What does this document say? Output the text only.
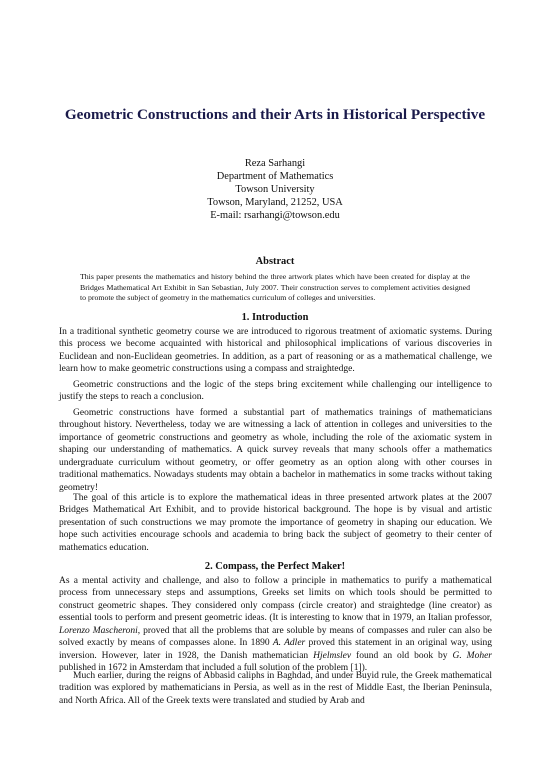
Geometric Constructions and their Arts in Historical Perspective
Reza Sarhangi
Department of Mathematics
Towson University
Towson, Maryland, 21252, USA
E-mail: rsarhangi@towson.edu
Abstract
This paper presents the mathematics and history behind the three artwork plates which have been created for display at the Bridges Mathematical Art Exhibit in San Sebastian, July 2007. Their construction serves to complement activities designed to promote the subject of geometry in the mathematics curriculum of colleges and universities.
1. Introduction
In a traditional synthetic geometry course we are introduced to rigorous treatment of axiomatic systems. During this process we become acquainted with historical and philosophical implications of various discoveries in Euclidean and non-Euclidean geometries. In addition, as a part of reasoning or as a mathematical challenge, we learn how to make geometric constructions using a compass and straightedge.
Geometric constructions and the logic of the steps bring excitement while challenging our intelligence to justify the steps to reach a conclusion.
Geometric constructions have formed a substantial part of mathematics trainings of mathematicians throughout history. Nevertheless, today we are witnessing a lack of attention in colleges and universities to the importance of geometric constructions and geometry as whole, including the role of the axiomatic system in shaping our understanding of mathematics. A quick survey reveals that many schools offer a mathematics undergraduate curriculum without geometry, or offer geometry as an option along with other courses in traditional mathematics. Nowadays students may obtain a bachelor in mathematics in some tracks without taking geometry!
The goal of this article is to explore the mathematical ideas in three presented artwork plates at the 2007 Bridges Mathematical Art Exhibit, and to provide historical background. The hope is by visual and artistic presentation of such constructions we may promote the importance of geometry in shaping our education. We hope such activities encourage schools and academia to bring back the subject of geometry to their center of mathematics education.
2. Compass, the Perfect Maker!
As a mental activity and challenge, and also to follow a principle in mathematics to purify a mathematical process from unnecessary steps and assumptions, Greeks set limits on which tools should be permitted to construct geometric shapes. They considered only compass (circle creator) and straightedge (line creator) as essential tools to perform and present geometric ideas. (It is interesting to know that in 1979, an Italian professor, Lorenzo Mascheroni, proved that all the problems that are soluble by means of compasses and ruler can also be solved exactly by means of compasses alone. In 1890 A. Adler proved this statement in an original way, using inversion. However, later in 1928, the Danish mathematician Hjelmslev found an old book by G. Moher published in 1672 in Amsterdam that included a full solution of the problem [1]).
Much earlier, during the reigns of Abbasid caliphs in Baghdad, and under Buyid rule, the Greek mathematical tradition was explored by mathematicians in Persia, as well as in the rest of Middle East, the Iberian Peninsula, and North Africa. All of the Greek texts were translated and studied by Arab and
